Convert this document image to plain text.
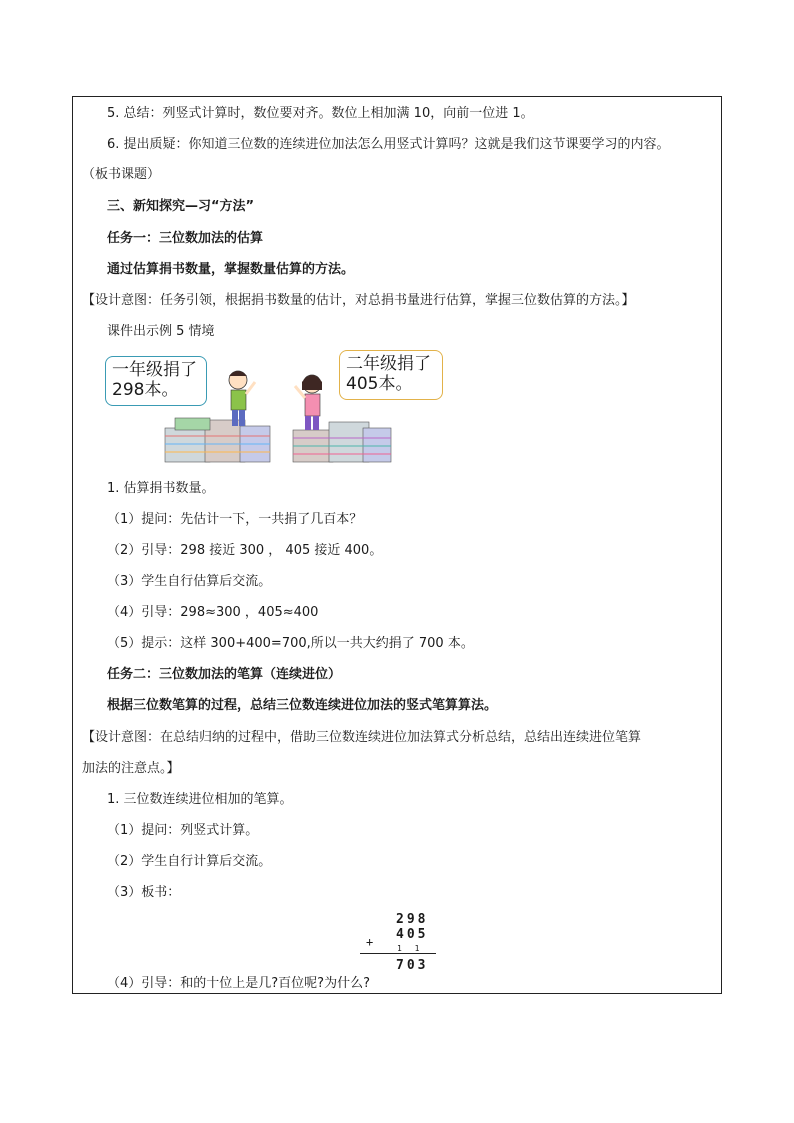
5. 总结：列竖式计算时，数位要对齐。数位上相加满 10，向前一位进 1。
6. 提出质疑：你知道三位数的连续进位加法怎么用竖式计算吗？这就是我们这节课要学习的内容。
（板书课题）
三、新知探究—习“方法”
任务一：三位数加法的估算
通过估算捐书数量，掌握数量估算的方法。
【设计意图：任务引领，根据捐书数量的估计，对总捐书量进行估算，掌握三位数估算的方法。】
课件出示例 5 情境
一年级捐了
298本。
二年级捐了
405本。
1. 估算捐书数量。
（1）提问：先估计一下，一共捐了几百本？
（2）引导：298 接近 300 ， 405 接近 400。
（3）学生自行估算后交流。
（4）引导：298≈300 ，405≈400
（5）提示：这样 300+400=700,所以一共大约捐了 700 本。
任务二：三位数加法的笔算（连续进位）
根据三位数笔算的过程，总结三位数连续进位加法的竖式笔算算法。
【设计意图：在总结归纳的过程中，借助三位数连续进位加法算式分析总结，总结出连续进位笔算
加法的注意点。】
1. 三位数连续进位相加的笔算。
（1）提问：列竖式计算。
（2）学生自行计算后交流。
（3）板书：
298
405
+	1 1
703
（4）引导：和的十位上是几?百位呢?为什么?
